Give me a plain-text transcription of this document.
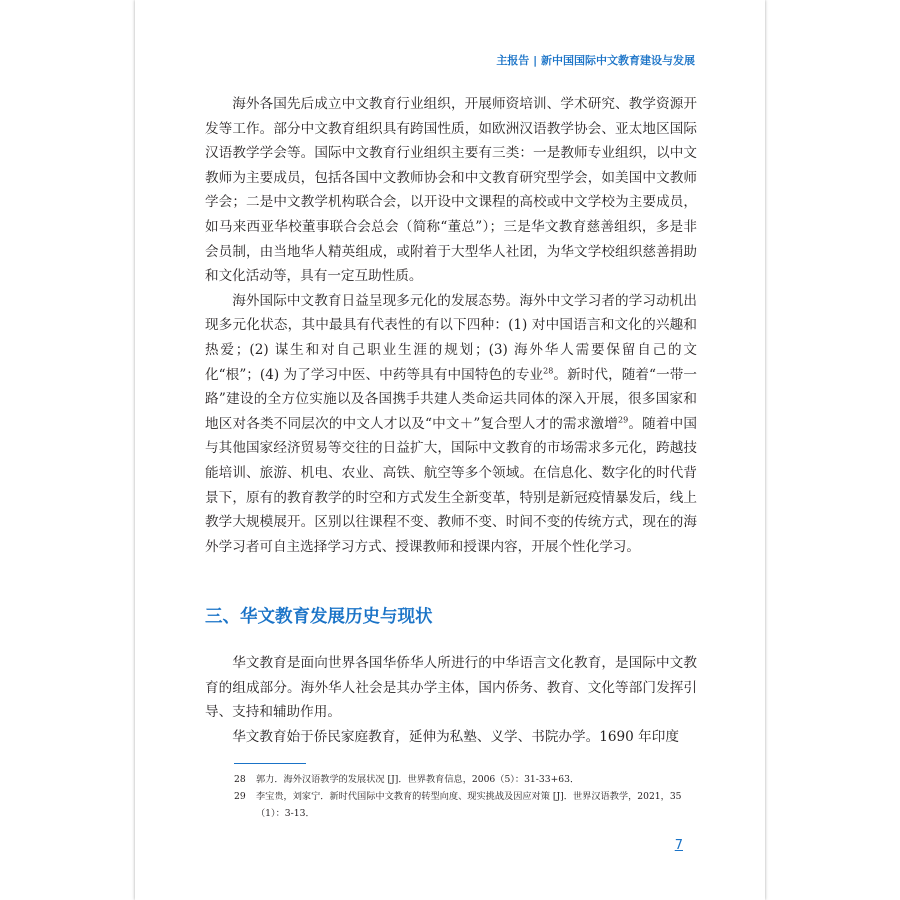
主报告 | 新中国国际中文教育建设与发展

海外各国先后成立中文教育行业组织，开展师资培训、学术研究、教学资源开发等工作。部分中文教育组织具有跨国性质，如欧洲汉语教学协会、亚太地区国际汉语教学学会等。国际中文教育行业组织主要有三类：一是教师专业组织，以中文教师为主要成员，包括各国中文教师协会和中文教育研究型学会，如美国中文教师学会；二是中文教学机构联合会，以开设中文课程的高校或中文学校为主要成员，如马来西亚华校董事联合会总会（简称“董总”）；三是华文教育慈善组织，多是非会员制，由当地华人精英组成，或附着于大型华人社团，为华文学校组织慈善捐助和文化活动等，具有一定互助性质。

海外国际中文教育日益呈现多元化的发展态势。海外中文学习者的学习动机出现多元化状态，其中最具有代表性的有以下四种：(1) 对中国语言和文化的兴趣和热爱；(2) 谋生和对自己职业生涯的规划；(3) 海外华人需要保留自己的文化“根”；(4) 为了学习中医、中药等具有中国特色的专业$^{28}$。新时代，随着“一带一路”建设的全方位实施以及各国携手共建人类命运共同体的深入开展，很多国家和地区对各类不同层次的中文人才以及“中文＋”复合型人才的需求激增$^{29}$。随着中国与其他国家经济贸易等交往的日益扩大，国际中文教育的市场需求多元化，跨越技能培训、旅游、机电、农业、高铁、航空等多个领域。在信息化、数字化的时代背景下，原有的教育教学的时空和方式发生全新变革，特别是新冠疫情暴发后，线上教学大规模展开。区别以往课程不变、教师不变、时间不变的传统方式，现在的海外学习者可自主选择学习方式、授课教师和授课内容，开展个性化学习。

三、华文教育发展历史与现状

华文教育是面向世界各国华侨华人所进行的中华语言文化教育，是国际中文教育的组成部分。海外华人社会是其办学主体，国内侨务、教育、文化等部门发挥引导、支持和辅助作用。

华文教育始于侨民家庭教育，延伸为私塾、义学、书院办学。1690 年印度

28	郭力．海外汉语教学的发展状况 [J]．世界教育信息，2006（5）：31-33+63．
29	李宝贵，刘家宁．新时代国际中文教育的转型向度、现实挑战及因应对策 [J]．世界汉语教学，2021，35（1）：3-13．
7
